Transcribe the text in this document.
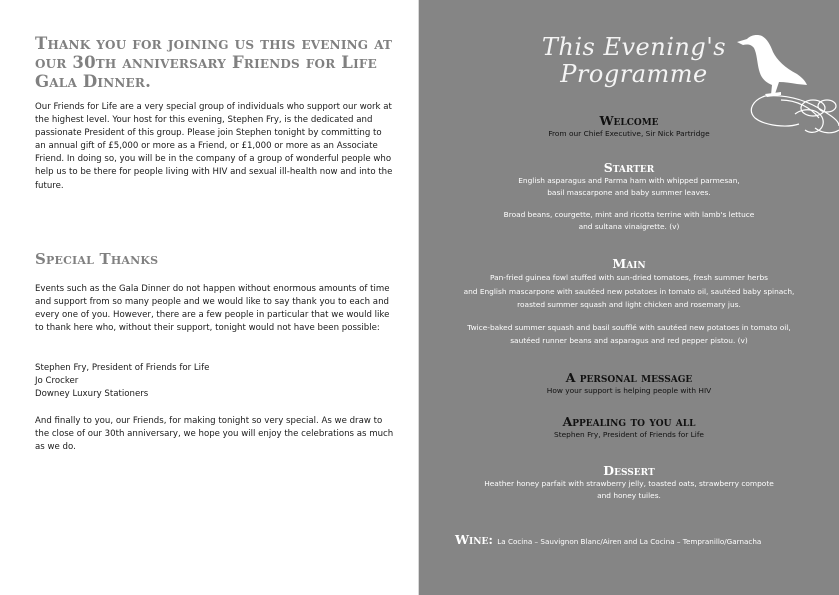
Thank you for joining us this evening at our 30th anniversary Friends for Life Gala Dinner.

Our Friends for Life are a very special group of individuals who support our work at the highest level. Your host for this evening, Stephen Fry, is the dedicated and passionate President of this group. Please join Stephen tonight by committing to an annual gift of £5,000 or more as a Friend, or £1,000 or more as an Associate Friend. In doing so, you will be in the company of a group of wonderful people who help us to be there for people living with HIV and sexual ill-health now and into the future.

Special Thanks

Events such as the Gala Dinner do not happen without enormous amounts of time and support from so many people and we would like to say thank you to each and every one of you. However, there are a few people in particular that we would like to thank here who, without their support, tonight would not have been possible:

Stephen Fry, President of Friends for Life
Jo Crocker
Downey Luxury Stationers

And finally to you, our Friends, for making tonight so very special. As we draw to the close of our 30th anniversary, we hope you will enjoy the celebrations as much as we do.

This Evening's
Programme
Welcome

From our Chief Executive, Sir Nick Partridge

Starter

English asparagus and Parma ham with whipped parmesan,

basil mascarpone and baby summer leaves.

Broad beans, courgette, mint and ricotta terrine with lamb's lettuce

and sultana vinaigrette. (v)

Main

Pan-fried guinea fowl stuffed with sun-dried tomatoes, fresh summer herbs

and English mascarpone with sautéed new potatoes in tomato oil, sautéed baby spinach,

roasted summer squash and light chicken and rosemary jus.

Twice-baked summer squash and basil soufflé with sautéed new potatoes in tomato oil,

sautéed runner beans and asparagus and red pepper pistou. (v)

A personal message

How your support is helping people with HIV

Appealing to you all

Stephen Fry, President of Friends for Life

Dessert

Heather honey parfait with strawberry jelly, toasted oats, strawberry compote

and honey tuiles.

Wine: La Cocina – Sauvignon Blanc/Airen and La Cocina – Tempranillo/Garnacha
